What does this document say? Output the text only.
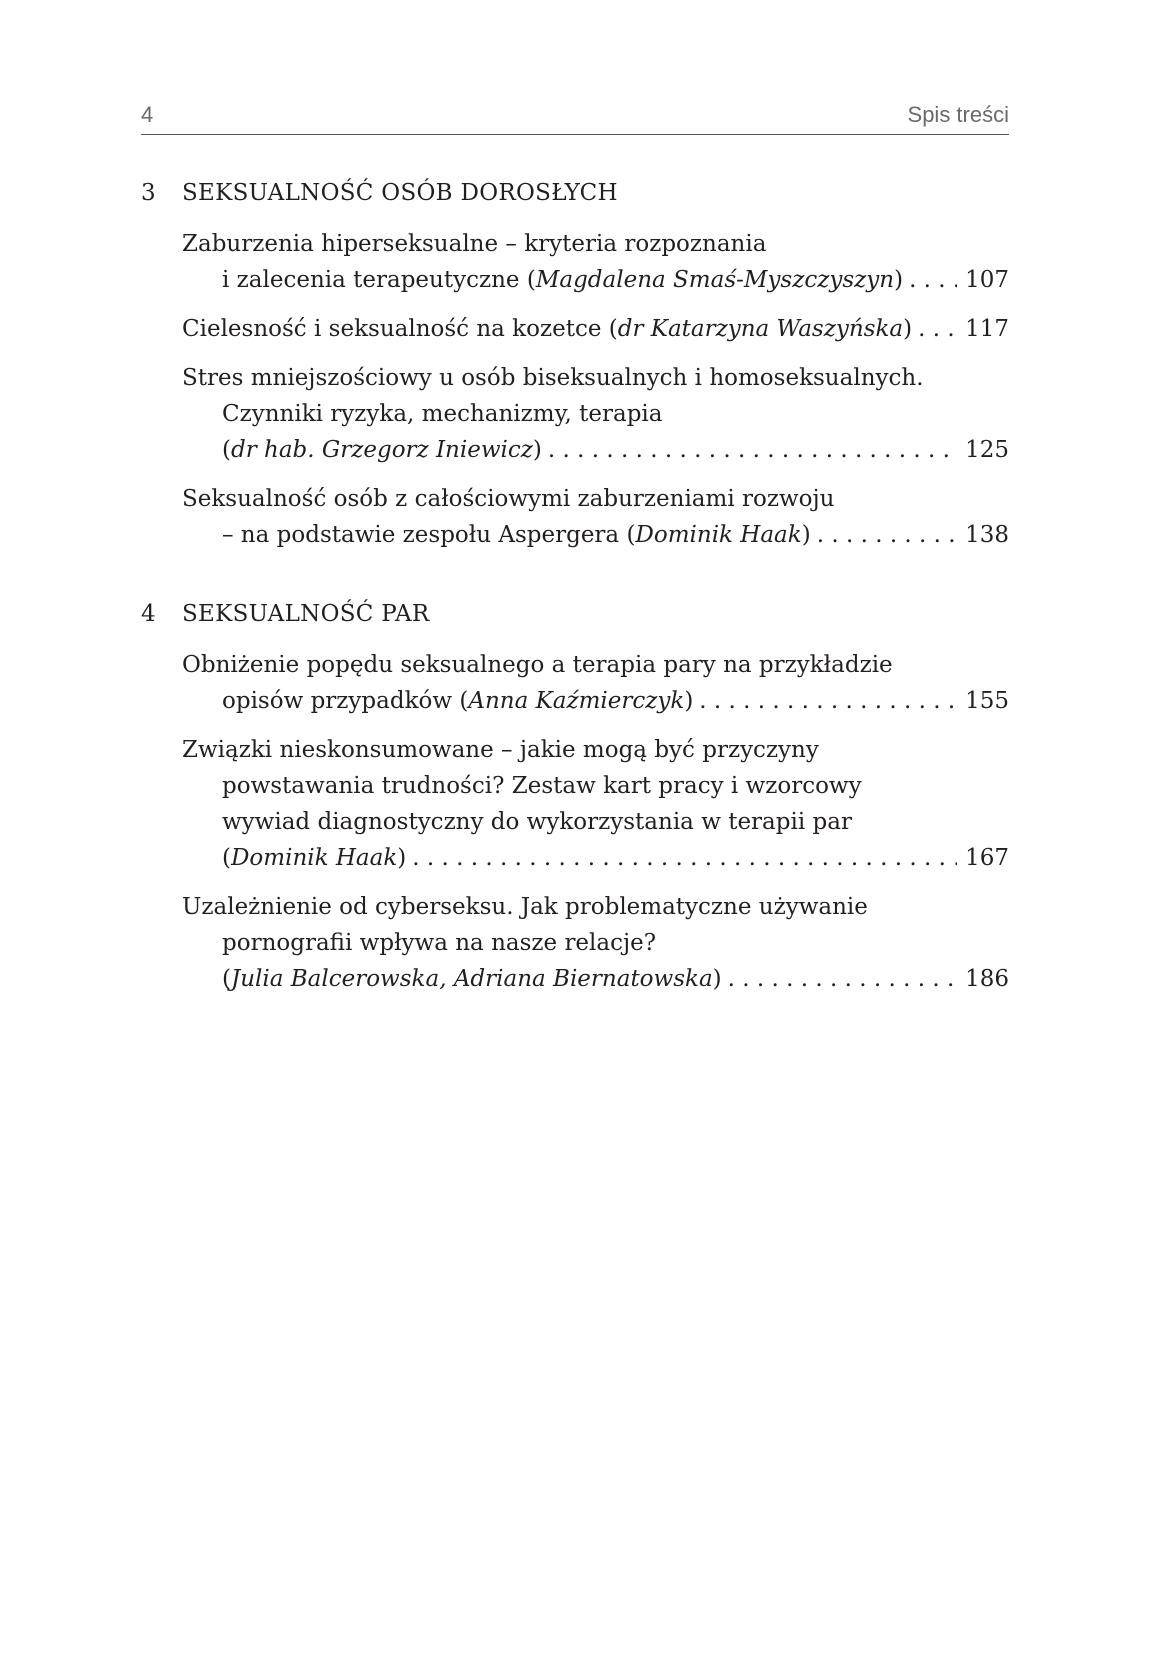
4	Spis treści
3	SEKSUALNOŚĆ OSÓB DOROSŁYCH
Zaburzenia hiperseksualne – kryteria rozpoznania
i zalecenia terapeutyczne (Magdalena Smaś-Myszczyszyn) . . .	107
Cielesność i seksualność na kozetce (dr Katarzyna Waszyńska) . . . 117
Stres mniejszościowy u osób biseksualnych i homoseksualnych.
Czynniki ryzyka, mechanizmy, terapia
(dr hab. Grzegorz Iniewicz) . . .	125
Seksualność osób z całościowymi zaburzeniami rozwoju
– na podstawie zespołu Aspergera (Dominik Haak) . . .	138
4	SEKSUALNOŚĆ PAR
Obniżenie popędu seksualnego a terapia pary na przykładzie
opisów przypadków (Anna Kaźmierczyk) . . .	155
Związki nieskonsumowane – jakie mogą być przyczyny
powstawania trudności? Zestaw kart pracy i wzorcowy
wywiad diagnostyczny do wykorzystania w terapii par
(Dominik Haak) . . .	167
Uzależnienie od cyberseksu. Jak problematyczne używanie
pornografii wpływa na nasze relacje?
(Julia Balcerowska, Adriana Biernatowska) . . .	186
